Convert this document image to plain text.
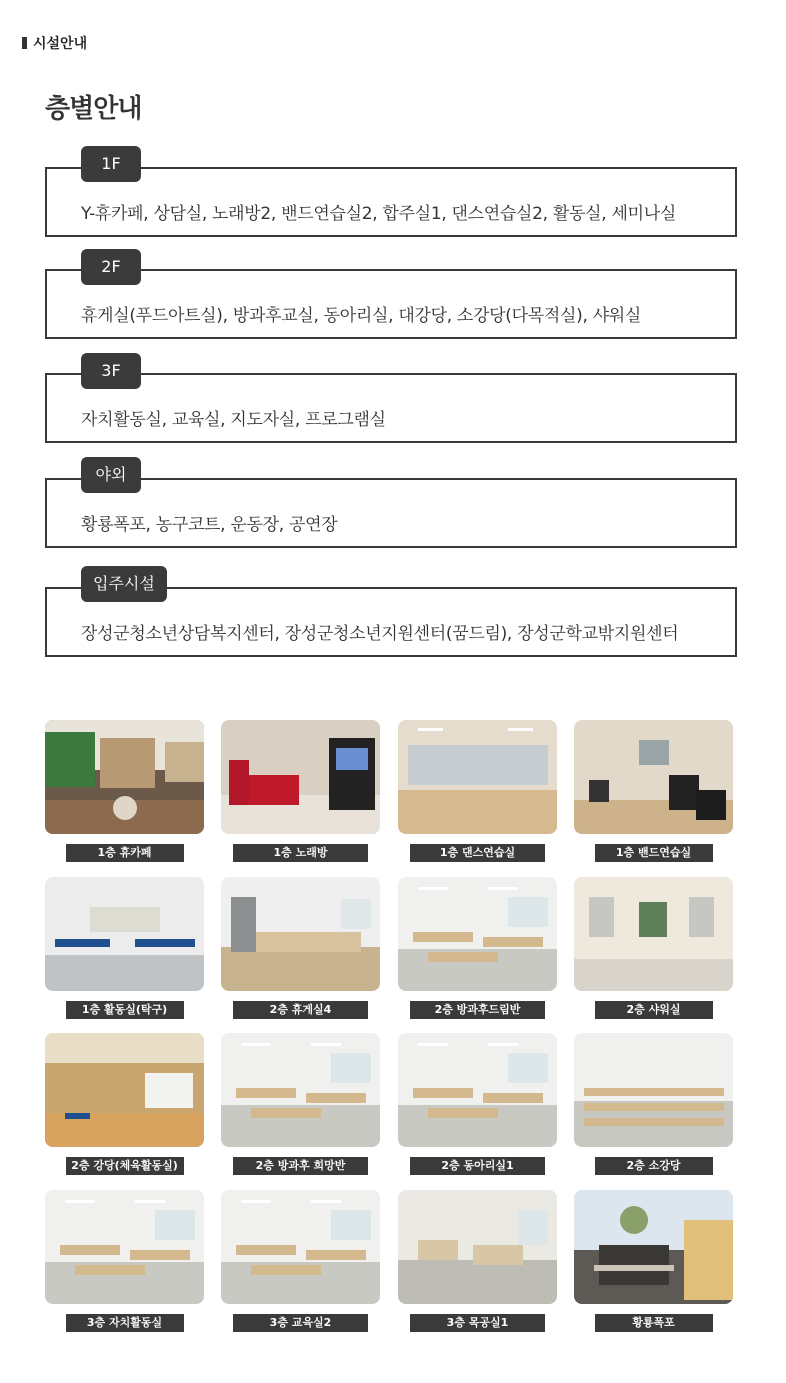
시설안내
층별안내
Y-휴카페, 상담실, 노래방2, 밴드연습실2, 합주실1, 댄스연습실2, 활동실, 세미나실
1F
휴게실(푸드아트실), 방과후교실, 동아리실, 대강당, 소강당(다목적실), 샤워실
2F
자치활동실, 교육실, 지도자실, 프로그램실
3F
황룡폭포, 농구코트, 운동장, 공연장
야외
장성군청소년상담복지센터, 장성군청소년지원센터(꿈드림), 장성군학교밖지원센터
입주시설
1층 휴카페	1층 노래방	1층 댄스연습실	1층 밴드연습실
1층 활동실(탁구)	2층 휴게실4	2층 방과후드림반	2층 샤워실
2층 강당(체육활동실)	2층 방과후 희망반	2층 동아리실1	2층 소강당
3층 자치활동실	3층 교육실2	3층 목공실1	황룡폭포
